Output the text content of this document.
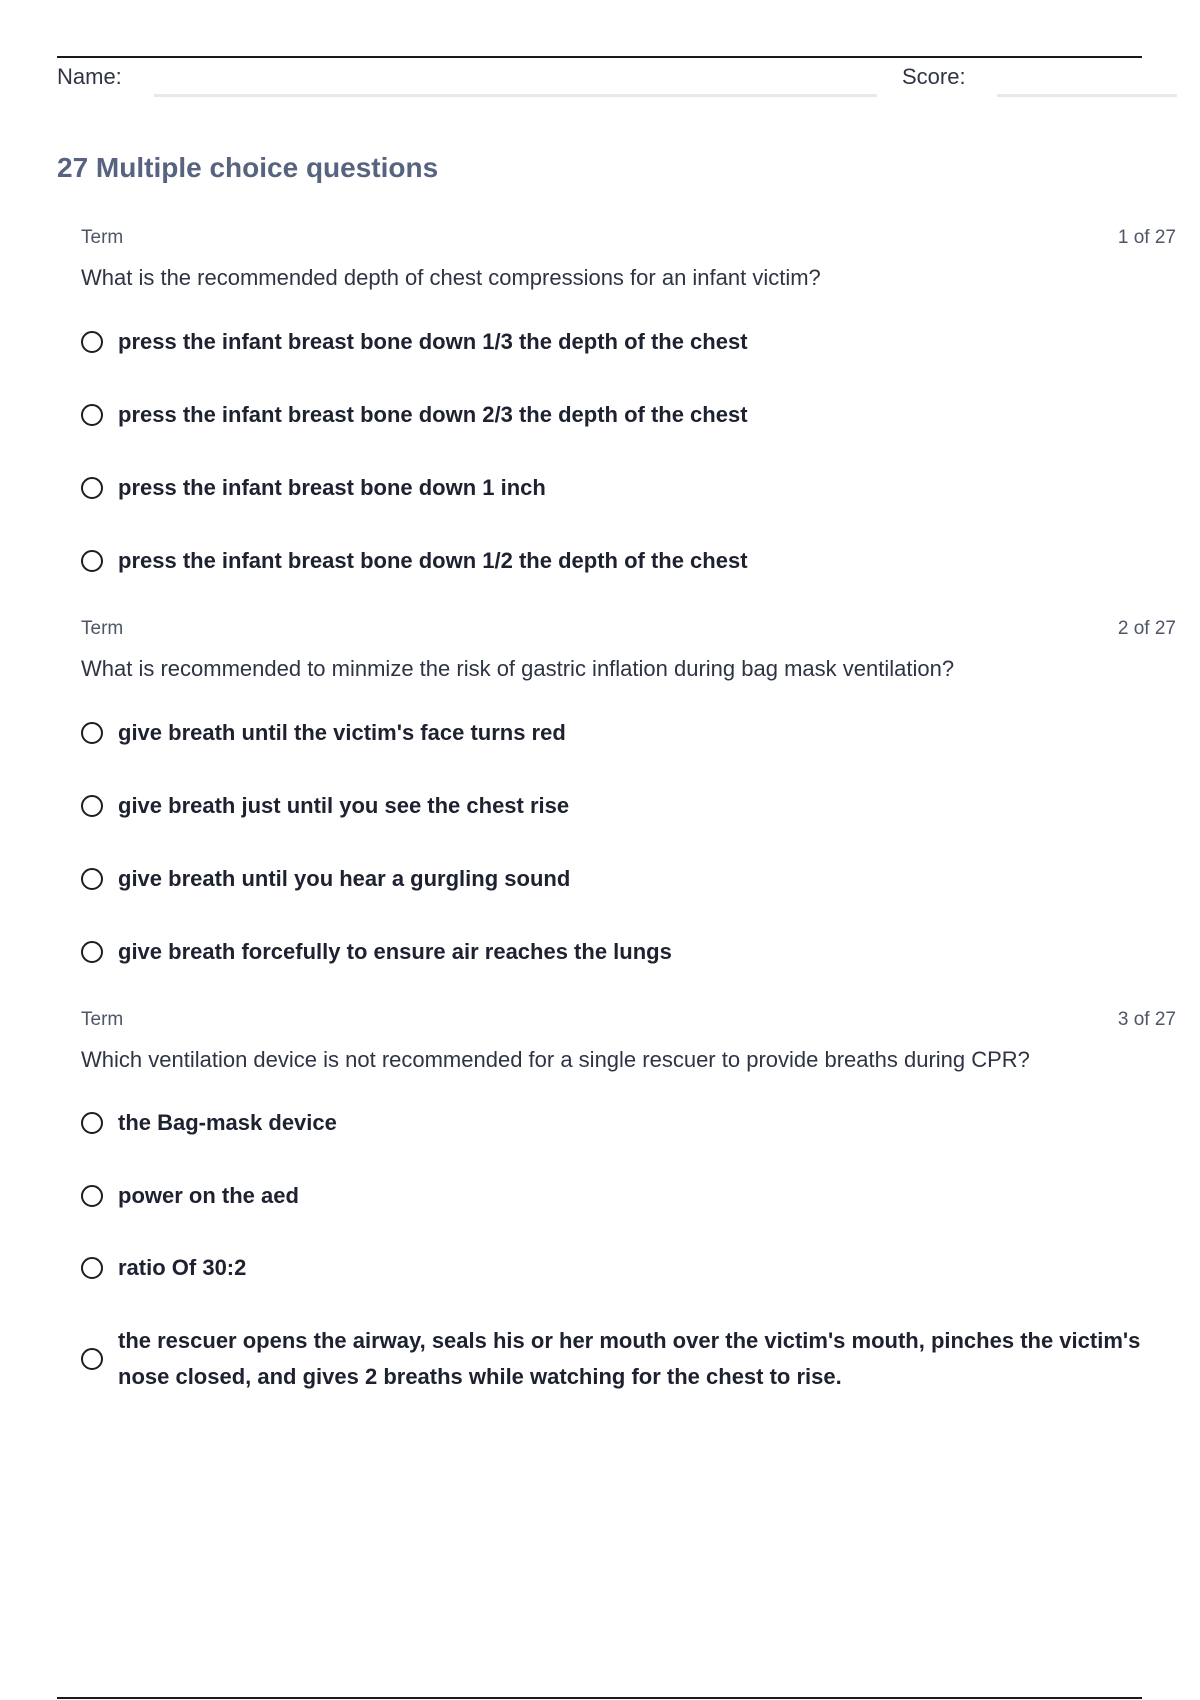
Name:	Score:
27 Multiple choice questions
Term	1 of 27

What is the recommended depth of chest compressions for an infant victim?

press the infant breast bone down 1/3 the depth of the chest
press the infant breast bone down 2/3 the depth of the chest
press the infant breast bone down 1 inch
press the infant breast bone down 1/2 the depth of the chest
Term	2 of 27

What is recommended to minmize the risk of gastric inflation during bag mask ventilation?

give breath until the victim's face turns red
give breath just until you see the chest rise
give breath until you hear a gurgling sound
give breath forcefully to ensure air reaches the lungs
Term	3 of 27

Which ventilation device is not recommended for a single rescuer to provide breaths during CPR?

the Bag-mask device
power on the aed
ratio Of 30:2
the rescuer opens the airway, seals his or her mouth over the victim's mouth, pinches the victim's nose closed, and gives 2 breaths while watching for the chest to rise.
